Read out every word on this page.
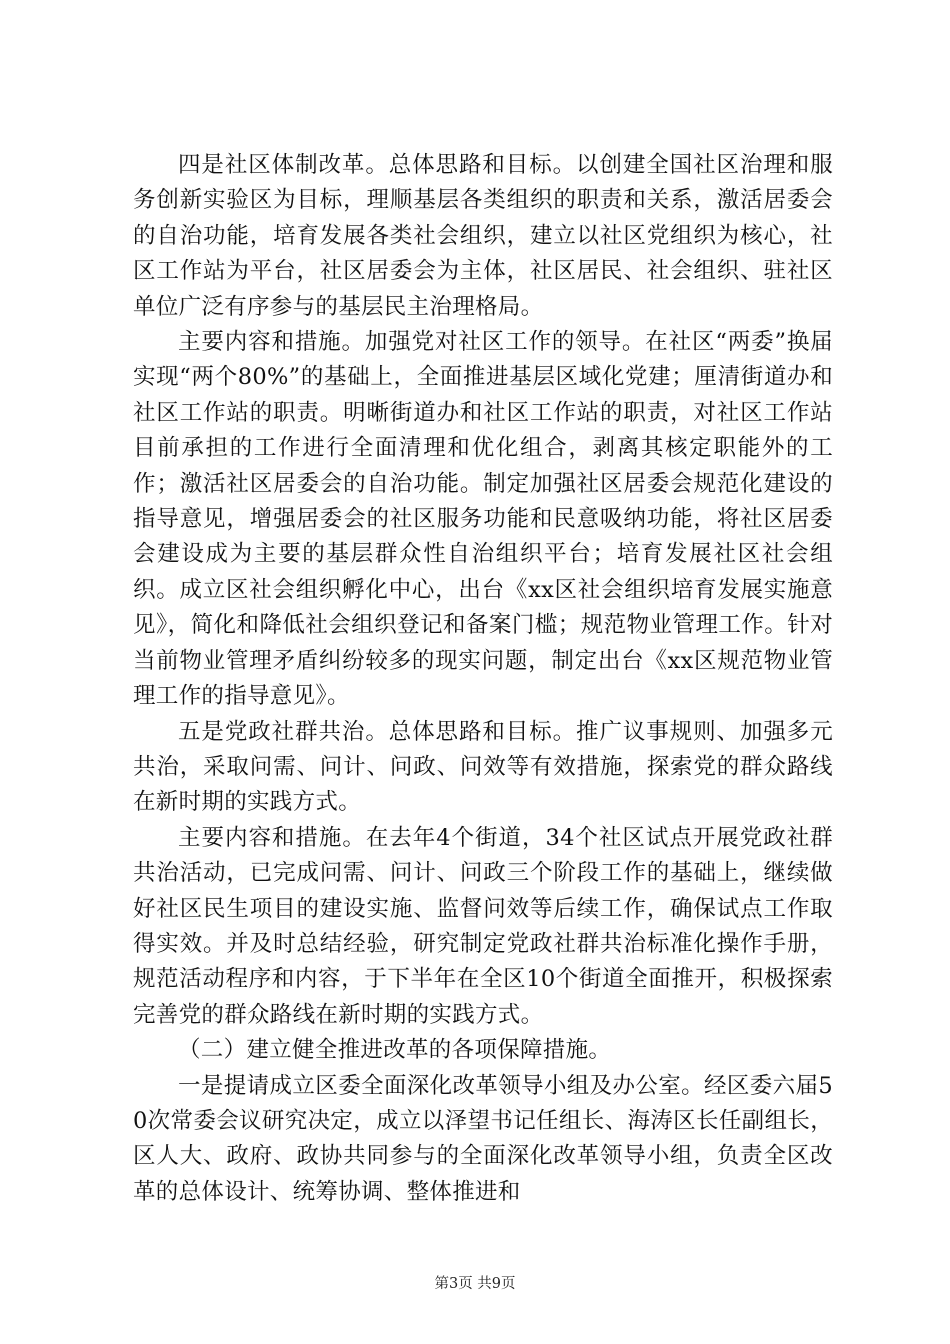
四是社区体制改革。总体思路和目标。以创建全国社区治理和服务创新实验区为目标，理顺基层各类组织的职责和关系，激活居委会的自治功能，培育发展各类社会组织，建立以社区党组织为核心，社区工作站为平台，社区居委会为主体，社区居民、社会组织、驻社区单位广泛有序参与的基层民主治理格局。

主要内容和措施。加强党对社区工作的领导。在社区“两委”换届实现“两个80%”的基础上，全面推进基层区域化党建；厘清街道办和社区工作站的职责。明晰街道办和社区工作站的职责，对社区工作站目前承担的工作进行全面清理和优化组合，剥离其核定职能外的工作；激活社区居委会的自治功能。制定加强社区居委会规范化建设的指导意见，增强居委会的社区服务功能和民意吸纳功能，将社区居委会建设成为主要的基层群众性自治组织平台；培育发展社区社会组织。成立区社会组织孵化中心，出台《xx区社会组织培育发展实施意见》，简化和降低社会组织登记和备案门槛；规范物业管理工作。针对当前物业管理矛盾纠纷较多的现实问题，制定出台《xx区规范物业管理工作的指导意见》。

五是党政社群共治。总体思路和目标。推广议事规则、加强多元共治，采取问需、问计、问政、问效等有效措施，探索党的群众路线在新时期的实践方式。

主要内容和措施。在去年4个街道，34个社区试点开展党政社群共治活动，已完成问需、问计、问政三个阶段工作的基础上，继续做好社区民生项目的建设实施、监督问效等后续工作，确保试点工作取得实效。并及时总结经验，研究制定党政社群共治标准化操作手册，规范活动程序和内容，于下半年在全区10个街道全面推开，积极探索完善党的群众路线在新时期的实践方式。

（二）建立健全推进改革的各项保障措施。

一是提请成立区委全面深化改革领导小组及办公室。经区委六届50次常委会议研究决定，成立以泽望书记任组长、海涛区长任副组长，区人大、政府、政协共同参与的全面深化改革领导小组，负责全区改革的总体设计、统筹协调、整体推进和

第3页 共9页
